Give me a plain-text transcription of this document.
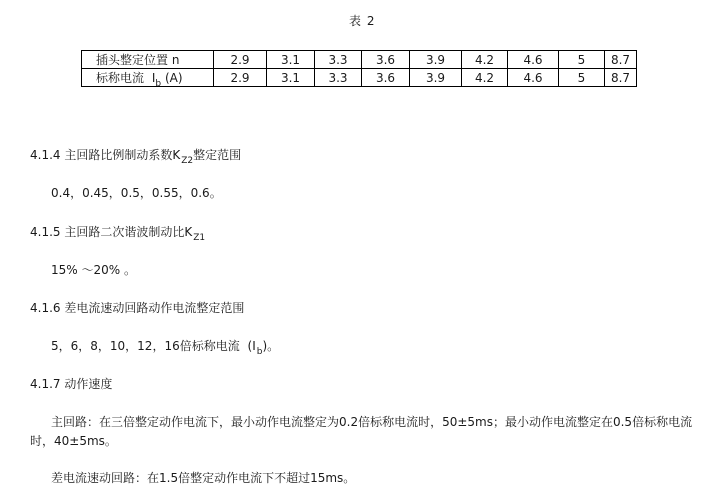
表 2
插头整定位置 n	2.9	3.1	3.3	3.6	3.9	4.2	4.6	5	8.7
标称电流 $I_b$ (A)	2.9	3.1	3.3	3.6	3.9	4.2	4.6	5	8.7
4.1.4 主回路比例制动系数$K_{Z2}$整定范围
0.4，0.45，0.5，0.55，0.6。
4.1.5 主回路二次谐波制动比$K_{Z1}$
15% ～20% 。
4.1.6 差电流速动回路动作电流整定范围
5，6，8，10，12，16倍标称电流 $(I_b)$。
4.1.7 动作速度
主回路：在三倍整定动作电流下，最小动作电流整定为0.2倍标称电流时，50±5ms；最小动作电流整定在0.5倍标称电流
时，40±5ms。
差电流速动回路：在1.5倍整定动作电流下不超过15ms。
